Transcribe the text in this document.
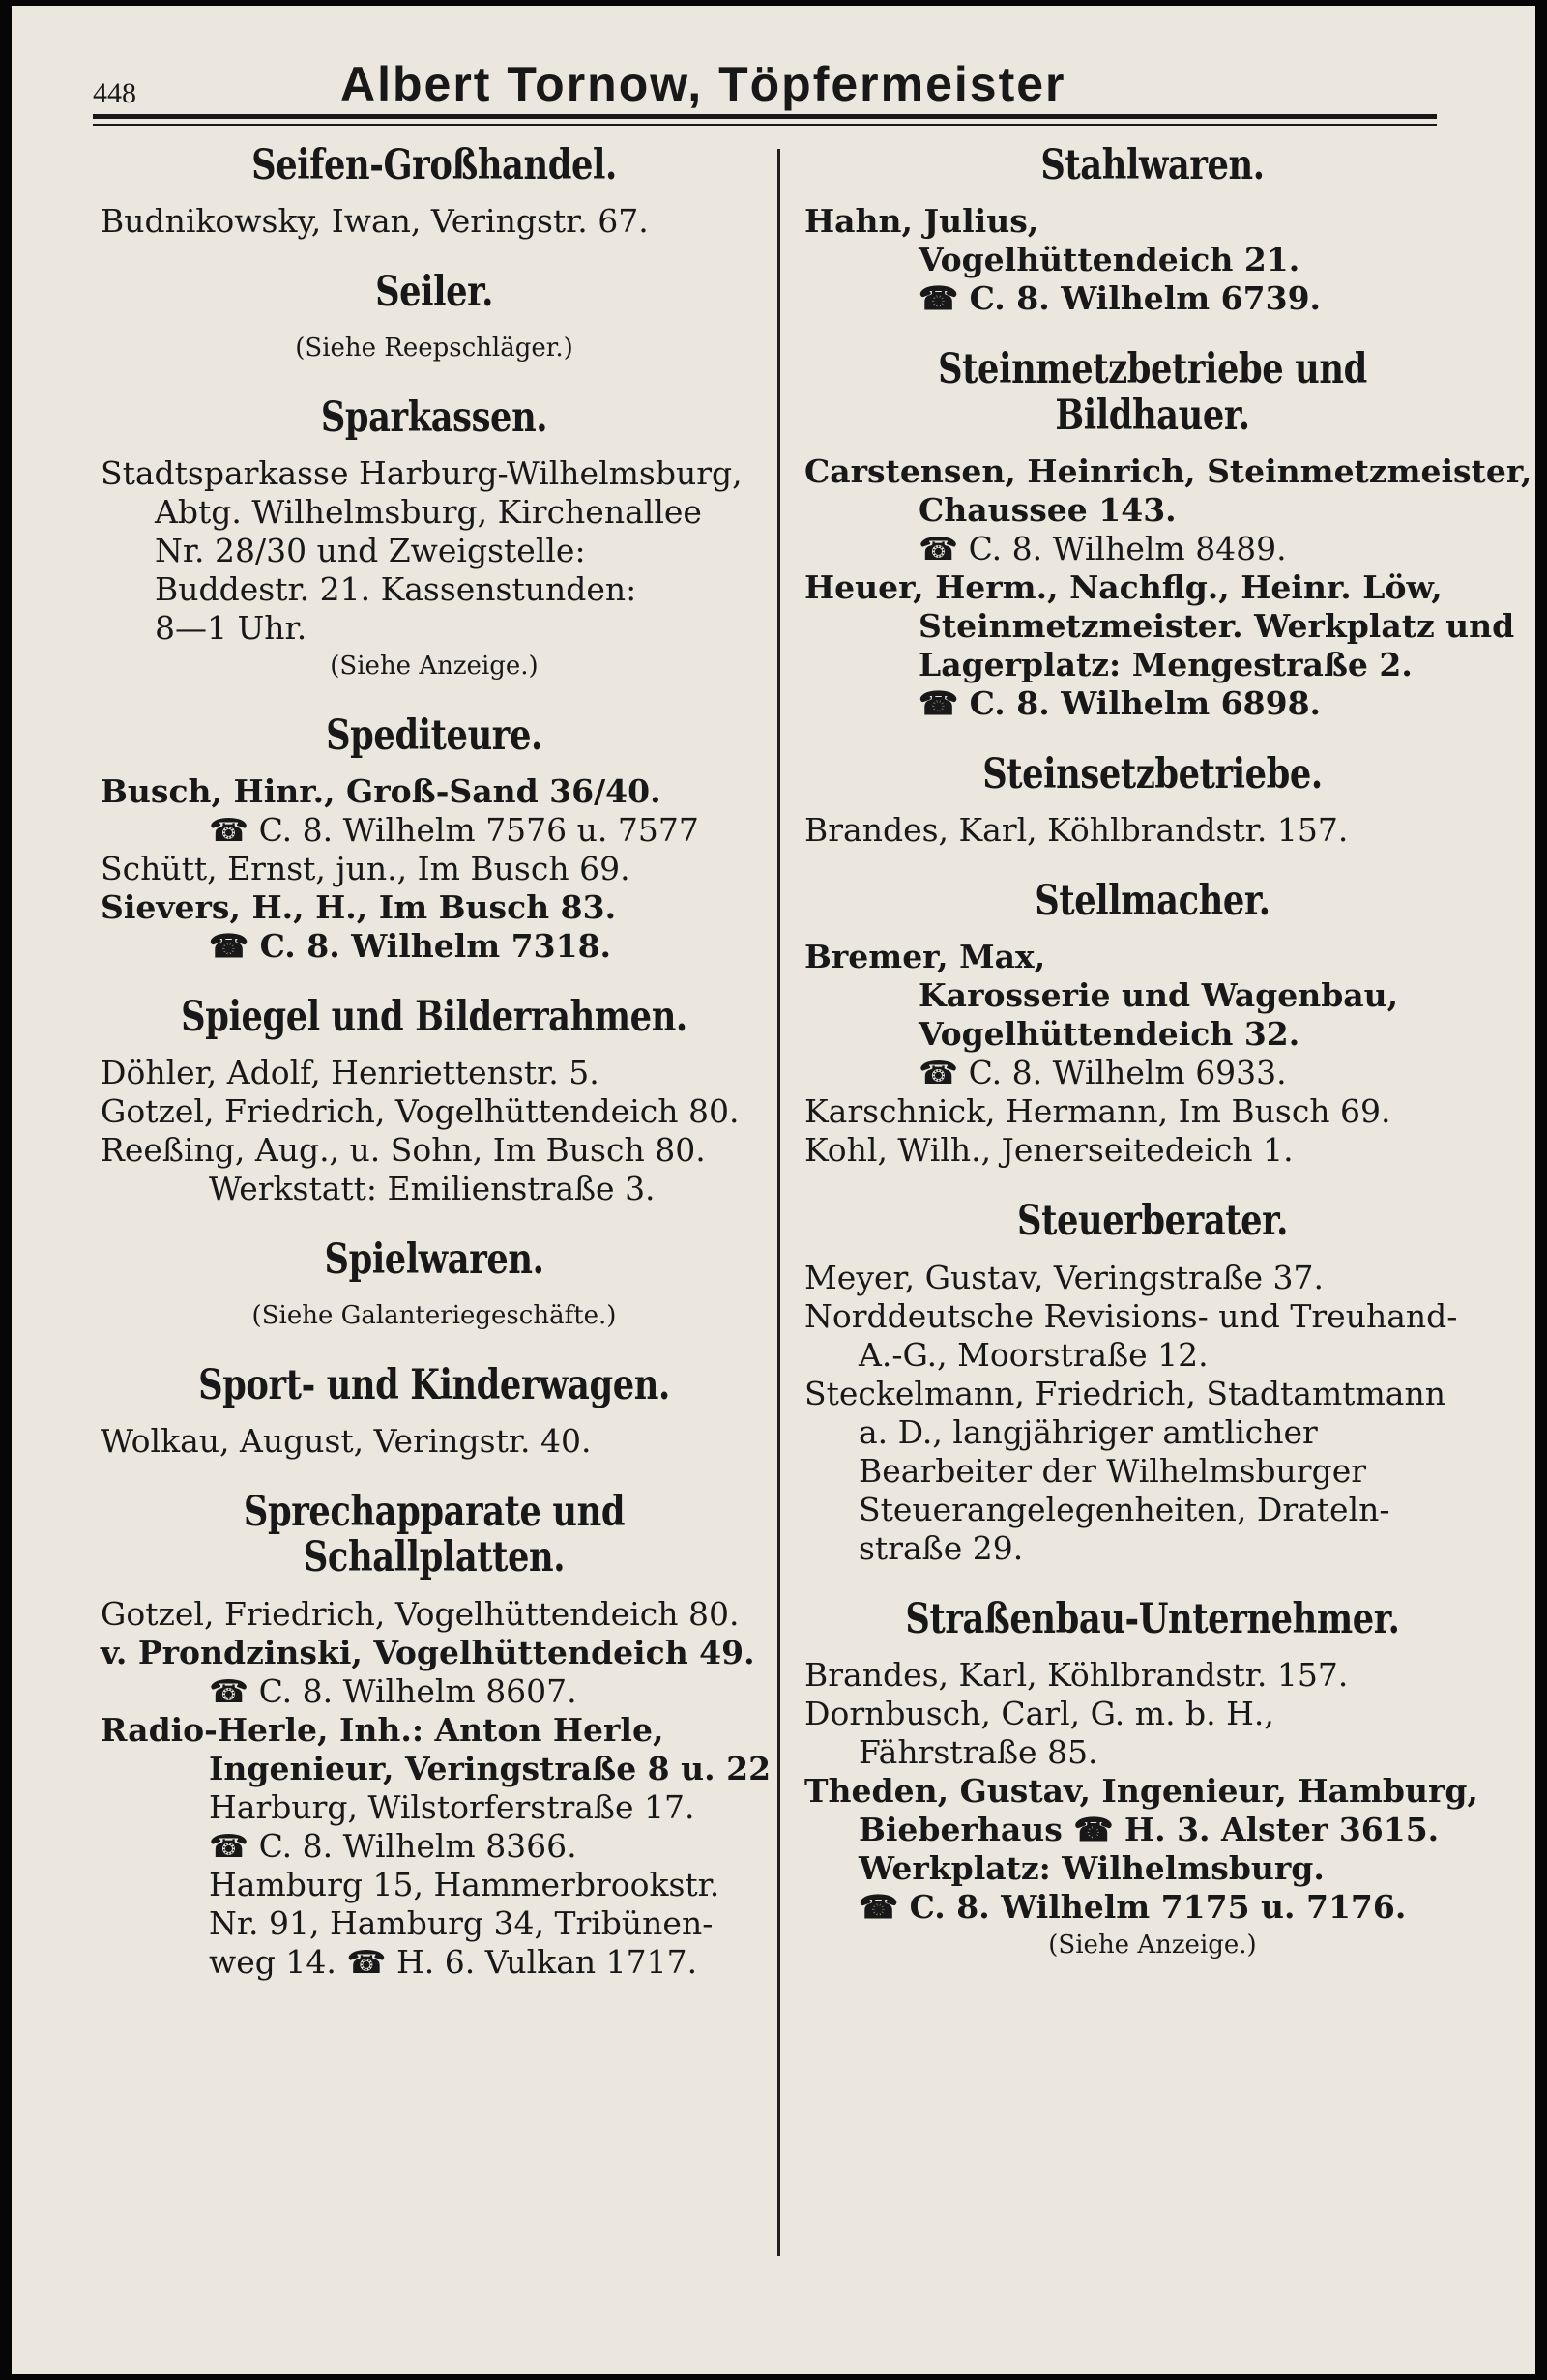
448	Albert Tornow, Töpfermeister
Seifen-Großhandel.
Budnikowsky, Iwan, Veringstr. 67.
Seiler.
(Siehe Reepschläger.)
Sparkassen.
Stadtsparkasse Harburg-Wilhelmsburg,
Abtg. Wilhelmsburg, Kirchenallee
Nr. 28/30 und Zweigstelle:
Buddestr. 21. Kassenstunden:
8—1 Uhr.
(Siehe Anzeige.)
Spediteure.
Busch, Hinr., Groß-Sand 36/40.
☎ C. 8. Wilhelm 7576 u. 7577
Schütt, Ernst, jun., Im Busch 69.
Sievers, H., H., Im Busch 83.
☎ C. 8. Wilhelm 7318.
Spiegel und Bilderrahmen.
Döhler, Adolf, Henriettenstr. 5.
Gotzel, Friedrich, Vogelhüttendeich 80.
Reeßing, Aug., u. Sohn, Im Busch 80.
Werkstatt: Emilienstraße 3.
Spielwaren.
(Siehe Galanteriegeschäfte.)
Sport- und Kinderwagen.
Wolkau, August, Veringstr. 40.
Sprechapparate und Schallplatten.
Gotzel, Friedrich, Vogelhüttendeich 80.
v. Prondzinski, Vogelhüttendeich 49.
☎ C. 8. Wilhelm 8607.
Radio-Herle, Inh.: Anton Herle,
Ingenieur, Veringstraße 8 u. 22
Harburg, Wilstorferstraße 17.
☎ C. 8. Wilhelm 8366.
Hamburg 15, Hammerbrookstr.
Nr. 91, Hamburg 34, Tribünen-
weg 14. ☎ H. 6. Vulkan 1717.
Stahlwaren.
Hahn, Julius,
Vogelhüttendeich 21.
☎ C. 8. Wilhelm 6739.
Steinmetzbetriebe und Bildhauer.
Carstensen, Heinrich, Steinmetzmeister,
Chaussee 143.
☎ C. 8. Wilhelm 8489.
Heuer, Herm., Nachflg., Heinr. Löw,
Steinmetzmeister. Werkplatz und
Lagerplatz: Mengestraße 2.
☎ C. 8. Wilhelm 6898.
Steinsetzbetriebe.
Brandes, Karl, Köhlbrandstr. 157.
Stellmacher.
Bremer, Max,
Karosserie und Wagenbau,
Vogelhüttendeich 32.
☎ C. 8. Wilhelm 6933.
Karschnick, Hermann, Im Busch 69.
Kohl, Wilh., Jenerseitedeich 1.
Steuerberater.
Meyer, Gustav, Veringstraße 37.
Norddeutsche Revisions- und Treuhand-
A.-G., Moorstraße 12.
Steckelmann, Friedrich, Stadtamtmann
a. D., langjähriger amtlicher
Bearbeiter der Wilhelmsburger
Steuerangelegenheiten, Drateln-
straße 29.
Straßenbau-Unternehmer.
Brandes, Karl, Köhlbrandstr. 157.
Dornbusch, Carl, G. m. b. H.,
Fährstraße 85.
Theden, Gustav, Ingenieur, Hamburg,
Bieberhaus ☎ H. 3. Alster 3615.
Werkplatz: Wilhelmsburg.
☎ C. 8. Wilhelm 7175 u. 7176.
(Siehe Anzeige.)
